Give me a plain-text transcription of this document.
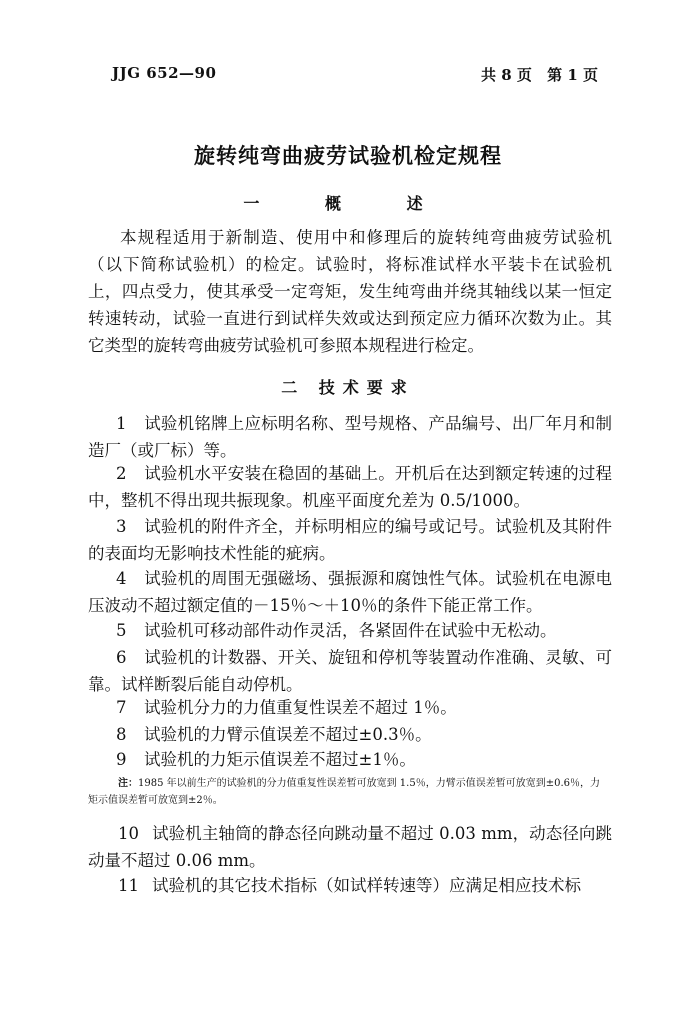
JJG 652—90	共 8 页 第 1 页
旋转纯弯曲疲劳试验机检定规程
一 概 述

本规程适用于新制造、使用中和修理后的旋转纯弯曲疲劳试验机（以下简称试验机）的检定。试验时，将标准试样水平装卡在试验机上，四点受力，使其承受一定弯矩，发生纯弯曲并绕其轴线以某一恒定转速转动，试验一直进行到试样失效或达到预定应力循环次数为止。其它类型的旋转弯曲疲劳试验机可参照本规程进行检定。

二 技术要求

1 试验机铭牌上应标明名称、型号规格、产品编号、出厂年月和制造厂（或厂标）等。

2 试验机水平安装在稳固的基础上。开机后在达到额定转速的过程中，整机不得出现共振现象。机座平面度允差为 0.5/1000。

3 试验机的附件齐全，并标明相应的编号或记号。试验机及其附件的表面均无影响技术性能的疵病。

4 试验机的周围无强磁场、强振源和腐蚀性气体。试验机在电源电压波动不超过额定值的－15％～＋10％的条件下能正常工作。

5 试验机可移动部件动作灵活，各紧固件在试验中无松动。

6 试验机的计数器、开关、旋钮和停机等装置动作准确、灵敏、可靠。试样断裂后能自动停机。

7 试验机分力的力值重复性误差不超过 1％。

8 试验机的力臂示值误差不超过±0.3％。

9 试验机的力矩示值误差不超过±1％。

注：1985 年以前生产的试验机的分力值重复性误差暂可放宽到 1.5％，力臂示值误差暂可放宽到±0.6％，力矩示值误差暂可放宽到±2％。

10 试验机主轴筒的静态径向跳动量不超过 0.03 mm，动态径向跳动量不超过 0.06 mm。

11 试验机的其它技术指标（如试样转速等）应满足相应技术标
